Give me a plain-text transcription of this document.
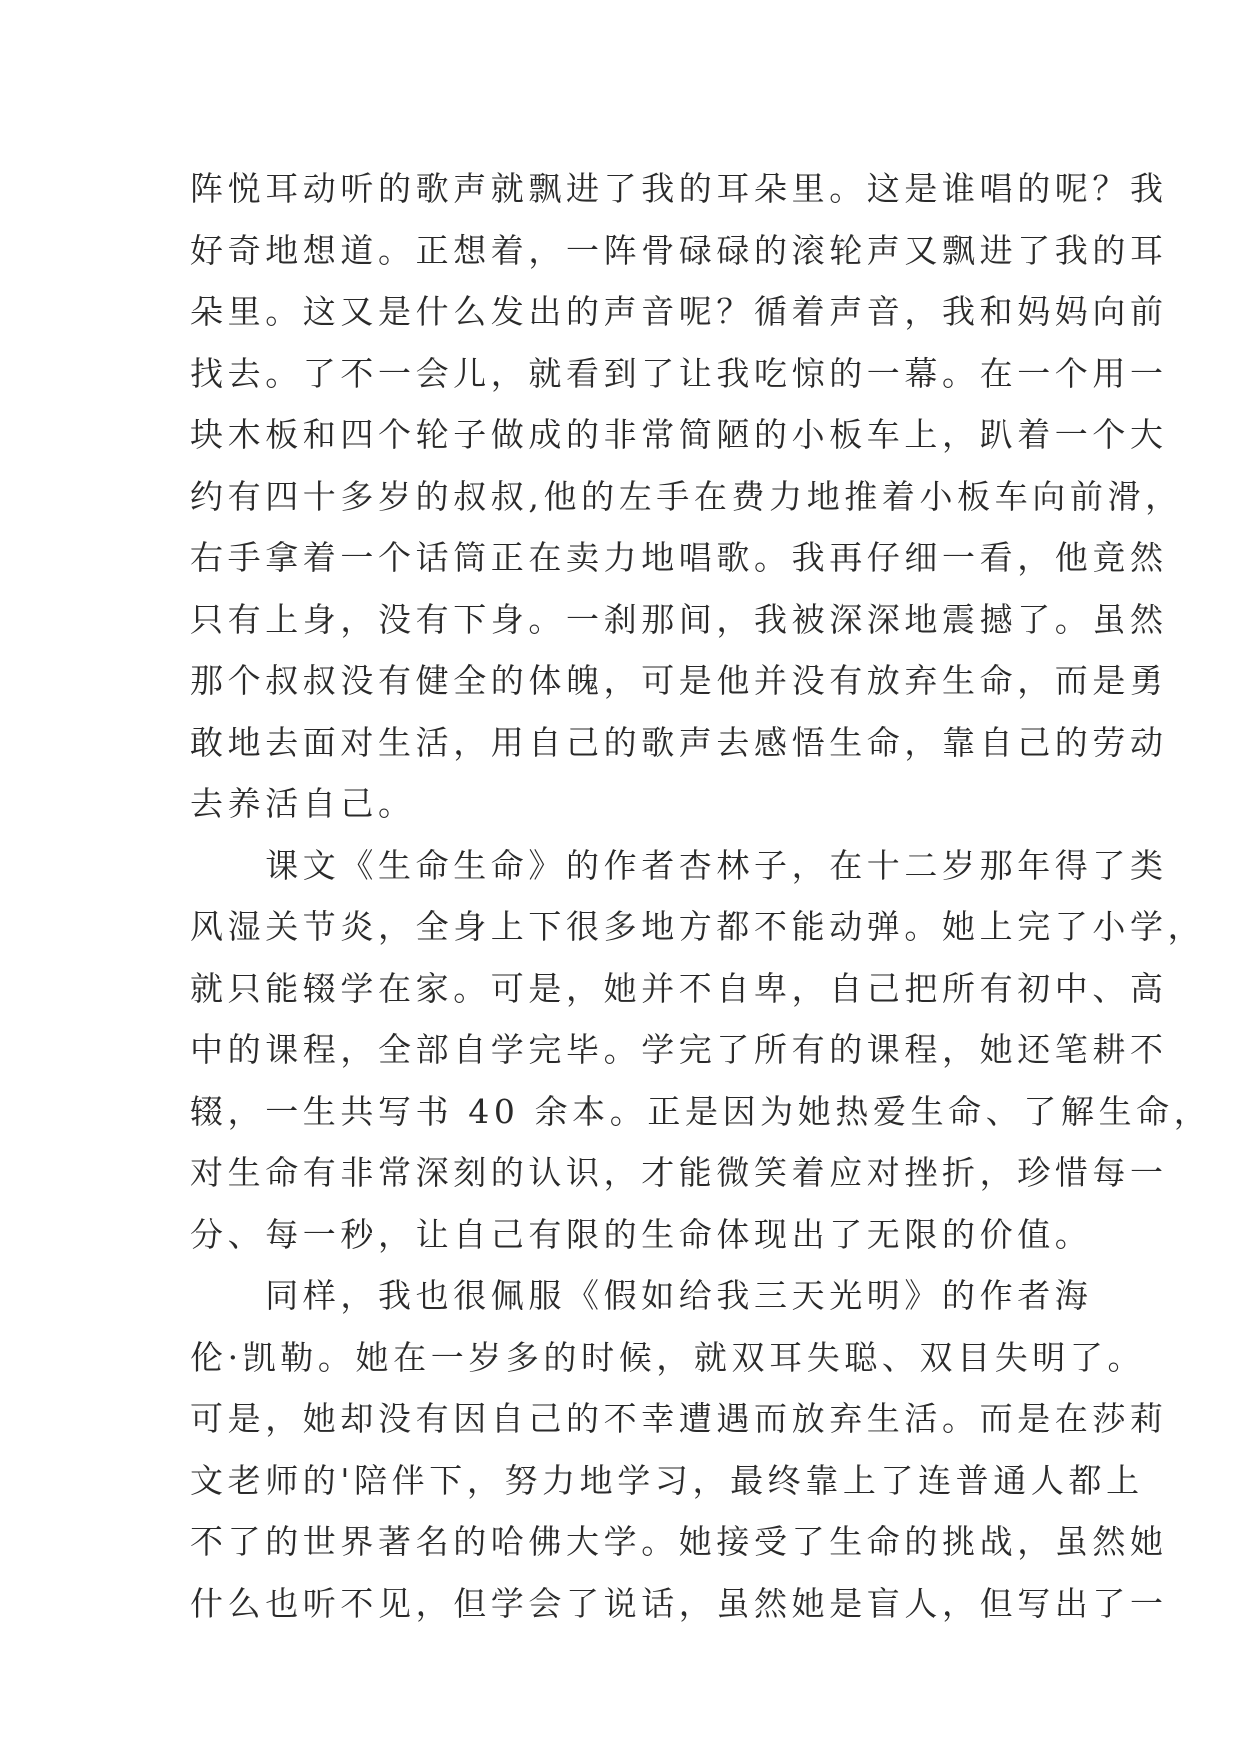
阵悦耳动听的歌声就飘进了我的耳朵里。这是谁唱的呢？我
好奇地想道。正想着，一阵骨碌碌的滚轮声又飘进了我的耳
朵里。这又是什么发出的声音呢？循着声音，我和妈妈向前
找去。了不一会儿，就看到了让我吃惊的一幕。在一个用一
块木板和四个轮子做成的非常简陋的小板车上，趴着一个大
约有四十多岁的叔叔,他的左手在费力地推着小板车向前滑，
右手拿着一个话筒正在卖力地唱歌。我再仔细一看，他竟然
只有上身，没有下身。一刹那间，我被深深地震撼了。虽然
那个叔叔没有健全的体魄，可是他并没有放弃生命，而是勇
敢地去面对生活，用自己的歌声去感悟生命，靠自己的劳动
去养活自己。
　　课文《生命生命》的作者杏林子，在十二岁那年得了类
风湿关节炎，全身上下很多地方都不能动弹。她上完了小学，
就只能辍学在家。可是，她并不自卑，自己把所有初中、高
中的课程，全部自学完毕。学完了所有的课程，她还笔耕不
辍，一生共写书 40 余本。正是因为她热爱生命、了解生命，
对生命有非常深刻的认识，才能微笑着应对挫折，珍惜每一
分、每一秒，让自己有限的生命体现出了无限的价值。
　　同样，我也很佩服《假如给我三天光明》的作者海
伦·凯勒。她在一岁多的时候，就双耳失聪、双目失明了。
可是，她却没有因自己的不幸遭遇而放弃生活。而是在莎莉
文老师的'陪伴下，努力地学习，最终靠上了连普通人都上
不了的世界著名的哈佛大学。她接受了生命的挑战，虽然她
什么也听不见，但学会了说话，虽然她是盲人，但写出了一
